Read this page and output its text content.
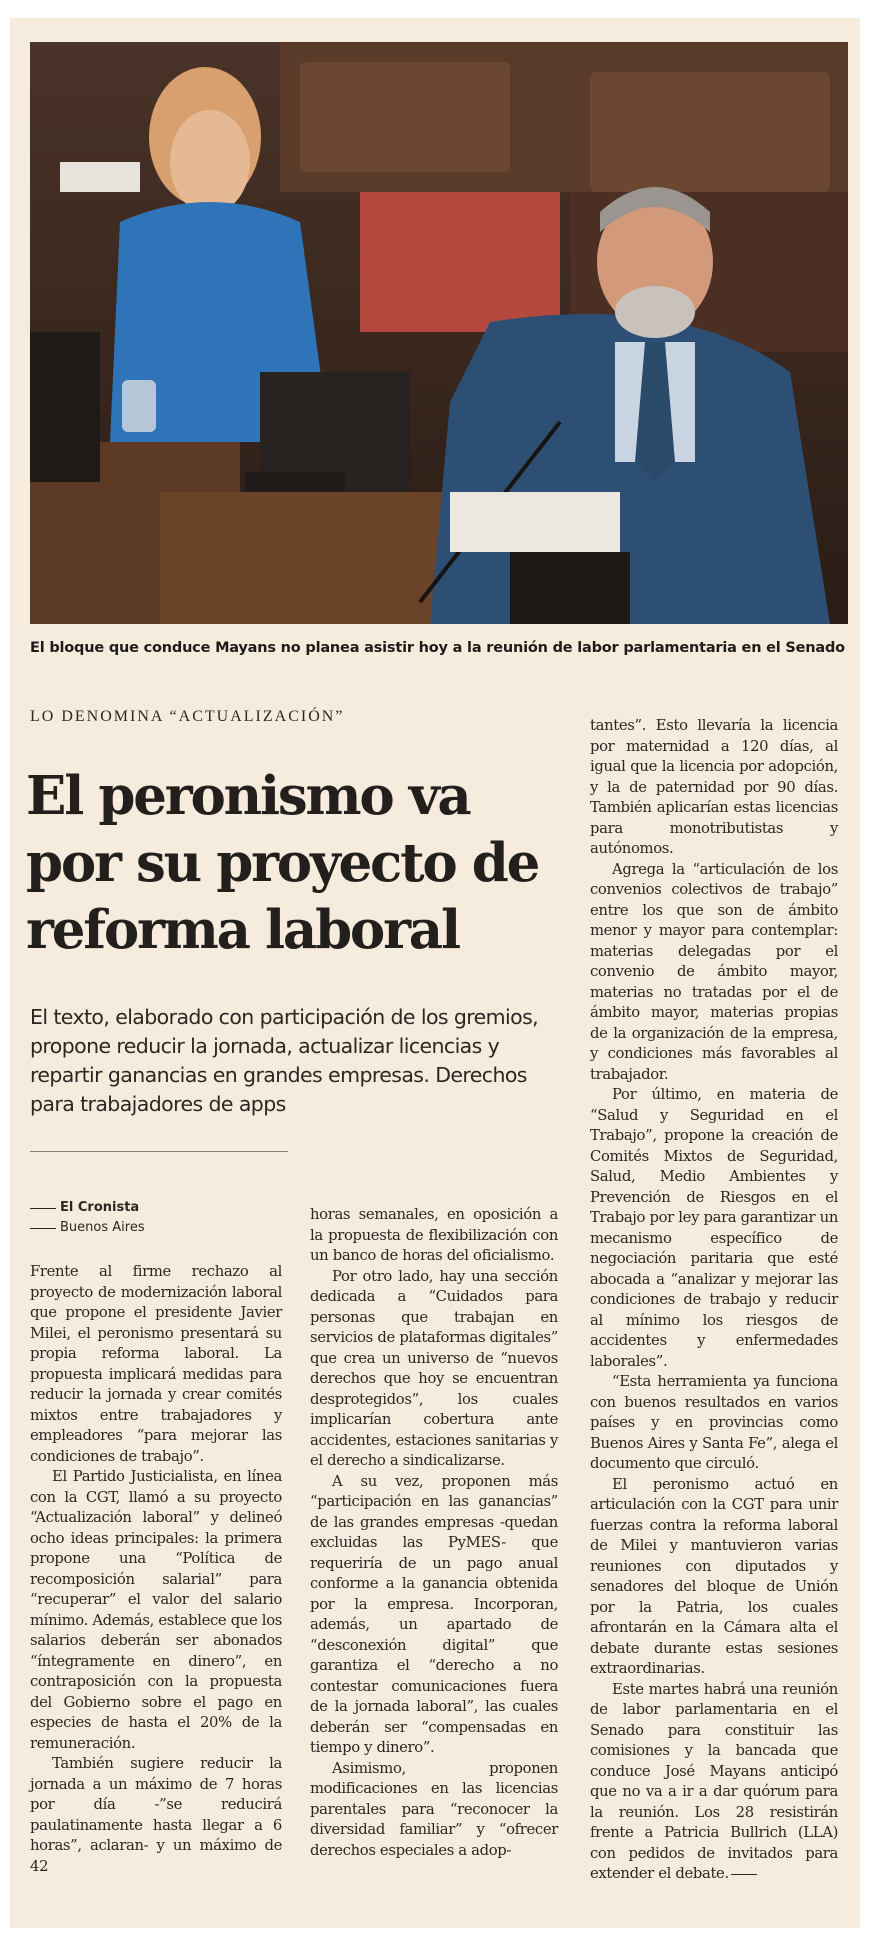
El bloque que conduce Mayans no planea asistir hoy a la reunión de labor parlamentaria en el Senado
LO DENOMINA “ACTUALIZACIÓN”
El peronismo va por su proyecto de reforma laboral

El texto, elaborado con participación de los gremios, propone reducir la jornada, actualizar licencias y repartir ganancias en grandes empresas. Derechos para trabajadores de apps

El Cronista
Buenos Aires

Frente al firme rechazo al proyecto de modernización laboral que propone el presidente Javier Milei, el peronismo presentará su propia reforma laboral. La propuesta implicará medidas para reducir la jornada y crear comités mixtos entre trabajadores y empleadores “para mejorar las condiciones de trabajo”.

El Partido Justicialista, en línea con la CGT, llamó a su proyecto “Actualización laboral” y delineó ocho ideas principales: la primera propone una “Política de recomposición salarial” para “recuperar” el valor del salario mínimo. Además, establece que los salarios deberán ser abonados “íntegramente en dinero”, en contraposición con la propuesta del Gobierno sobre el pago en especies de hasta el 20% de la remuneración.

También sugiere reducir la jornada a un máximo de 7 horas por día -”se reducirá paulatinamente hasta llegar a 6 horas”, aclaran- y un máximo de 42

horas semanales, en oposición a la propuesta de flexibilización con un banco de horas del oficialismo.

Por otro lado, hay una sección dedicada a “Cuidados para personas que trabajan en servicios de plataformas digitales” que crea un universo de “nuevos derechos que hoy se encuentran desprotegidos”, los cuales implicarían cobertura ante accidentes, estaciones sanitarias y el derecho a sindicalizarse.

A su vez, proponen más “participación en las ganancias” de las grandes empresas -quedan excluidas las PyMES- que requeriría de un pago anual conforme a la ganancia obtenida por la empresa. Incorporan, además, un apartado de “desconexión digital” que garantiza el “derecho a no contestar comunicaciones fuera de la jornada laboral”, las cuales deberán ser “compensadas en tiempo y dinero”.

Asimismo, proponen modificaciones en las licencias parentales para “reconocer la diversidad familiar” y “ofrecer derechos especiales a adop-

tantes”. Esto llevaría la licencia por maternidad a 120 días, al igual que la licencia por adopción, y la de paternidad por 90 días. También aplicarían estas licencias para monotributistas y autónomos.

Agrega la “articulación de los convenios colectivos de trabajo” entre los que son de ámbito menor y mayor para contemplar: materias delegadas por el convenio de ámbito mayor, materias no tratadas por el de ámbito mayor, materias propias de la organización de la empresa, y condiciones más favorables al trabajador.

Por último, en materia de “Salud y Seguridad en el Trabajo”, propone la creación de Comités Mixtos de Seguridad, Salud, Medio Ambientes y Prevención de Riesgos en el Trabajo por ley para garantizar un mecanismo específico de negociación paritaria que esté abocada a “analizar y mejorar las condiciones de trabajo y reducir al mínimo los riesgos de accidentes y enfermedades laborales”.

“Esta herramienta ya funciona con buenos resultados en varios países y en provincias como Buenos Aires y Santa Fe”, alega el documento que circuló.

El peronismo actuó en articulación con la CGT para unir fuerzas contra la reforma laboral de Milei y mantuvieron varias reuniones con diputados y senadores del bloque de Unión por la Patria, los cuales afrontarán en la Cámara alta el debate durante estas sesiones extraordinarias.

Este martes habrá una reunión de labor parlamentaria en el Senado para constituir las comisiones y la bancada que conduce José Mayans anticipó que no va a ir a dar quórum para la reunión. Los 28 resistirán frente a Patricia Bullrich (LLA) con pedidos de invitados para extender el debate.
